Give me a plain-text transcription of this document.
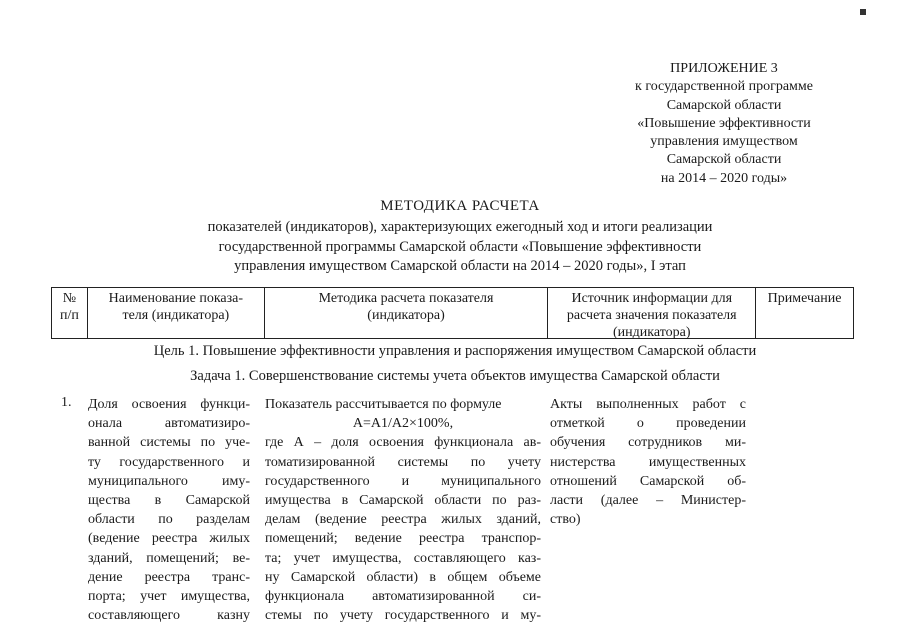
ПРИЛОЖЕНИЕ 3
к государственной программе
Самарской области
«Повышение эффективности
управления имуществом
Самарской области
на 2014 – 2020 годы»
МЕТОДИКА РАСЧЕТА
показателей (индикаторов), характеризующих ежегодный ход и итоги реализации
государственной программы Самарской области «Повышение эффективности
управления имуществом Самарской области на 2014 – 2020 годы», I этап
№
п/п
Наименование показа-
теля (индикатора)
Методика расчета показателя
(индикатора)
Источник информации для
расчета значения показателя
(индикатора)
Примечание
Цель 1. Повышение эффективности управления и распоряжения имуществом Самарской области
Задача 1. Совершенствование системы учета объектов имущества Самарской области
1. Доля освоения функци-
онала автоматизиро-
ванной системы по уче-
ту государственного и
муниципального иму-
щества в Самарской
области по разделам
(ведение реестра жилых
зданий, помещений; ве-
дение реестра транс-
порта; учет имущества,
составляющего казну
Показатель рассчитывается по формуле
А=А1/А2×100%,
где А – доля освоения функционала ав-
томатизированной системы по учету
государственного и муниципального
имущества в Самарской области по раз-
делам (ведение реестра жилых зданий,
помещений; ведение реестра транспор-
та; учет имущества, составляющего каз-
ну Самарской области) в общем объеме
функционала автоматизированной си-
стемы по учету государственного и му-
Акты выполненных работ с
отметкой о проведении
обучения сотрудников ми-
нистерства имущественных
отношений Самарской об-
ласти (далее – Министер-
ство)
